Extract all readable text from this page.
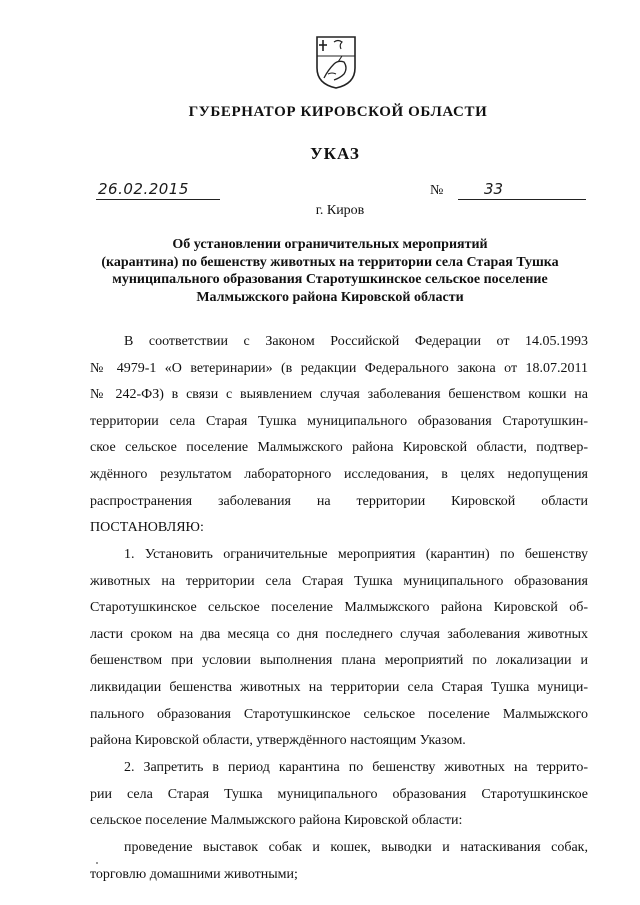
ГУБЕРНАТОР КИРОВСКОЙ ОБЛАСТИ
УКАЗ
26.02.2015	№	33
г. Киров
Об установлении ограничительных мероприятий
(карантина) по бешенству животных на территории села Старая Тушка
муниципального образования Старотушкинское сельское поселение
Малмыжского района Кировской области
В соответствии с Законом Российской Федерации от 14.05.1993
№ 4979-1 «О ветеринарии» (в редакции Федерального закона от 18.07.2011
№ 242-ФЗ) в связи с выявлением случая заболевания бешенством кошки на
территории села Старая Тушка муниципального образования Старотушкин-
ское сельское поселение Малмыжского района Кировской области, подтвер-
ждённого результатом лабораторного исследования, в целях недопущения
распространения заболевания на территории Кировской области
ПОСТАНОВЛЯЮ:
1. Установить ограничительные мероприятия (карантин) по бешенству
животных на территории села Старая Тушка муниципального образования
Старотушкинское сельское поселение Малмыжского района Кировской об-
ласти сроком на два месяца со дня последнего случая заболевания животных
бешенством при условии выполнения плана мероприятий по локализации и
ликвидации бешенства животных на территории села Старая Тушка муници-
пального образования Старотушкинское сельское поселение Малмыжского
района Кировской области, утверждённого настоящим Указом.
2. Запретить в период карантина по бешенству животных на террито-
рии села Старая Тушка муниципального образования Старотушкинское
сельское поселение Малмыжского района Кировской области:
проведение выставок собак и кошек, выводки и натаскивания собак,
торговлю домашними животными;
